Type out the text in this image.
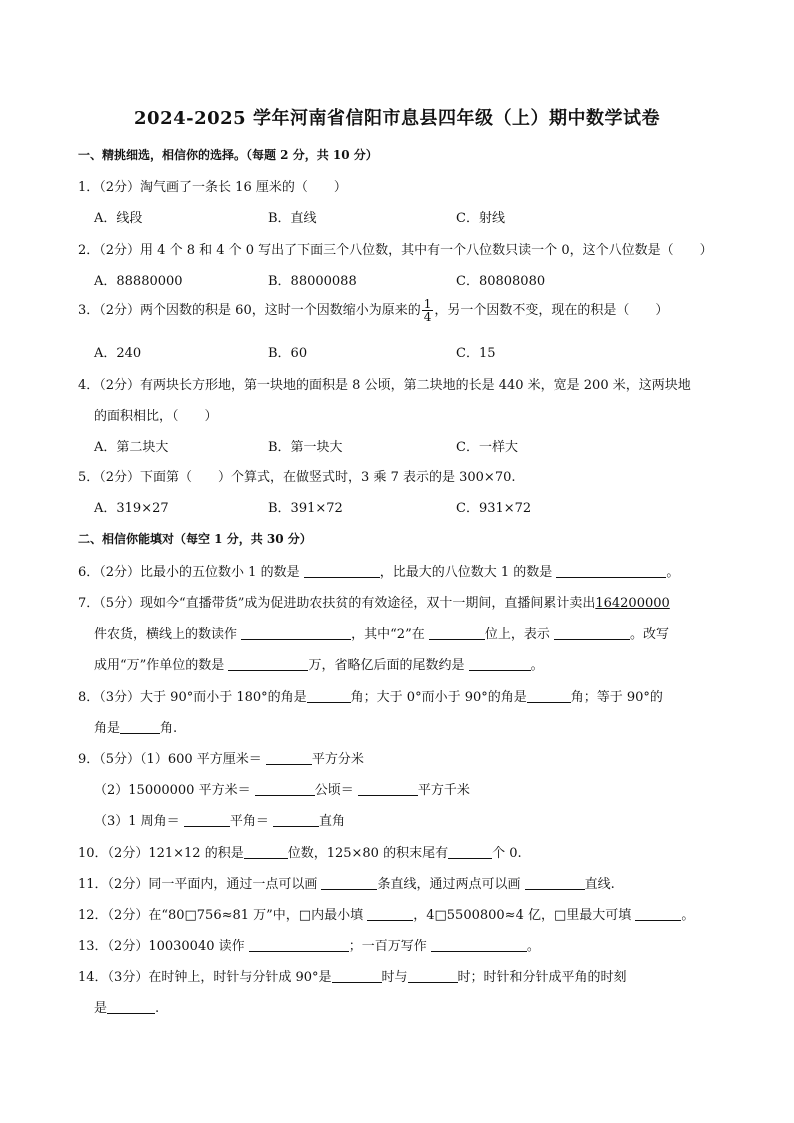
2024-2025 学年河南省信阳市息县四年级（上）期中数学试卷
一、精挑细选，相信你的选择。（每题 2 分，共 10 分）
1．（2分）淘气画了一条长 16 厘米的（　　）
A．线段	B．直线	C．射线
2．（2分）用 4 个 8 和 4 个 0 写出了下面三个八位数，其中有一个八位数只读一个 0，这个八位数是（　　）
A．88880000	B．88000088	C．80808080
3．（2分）两个因数的积是 60，这时一个因数缩小为原来的 $\frac{1}{4}$ ，另一个因数不变，现在的积是（　　）
A．240	B．60	C．15
4．（2分）有两块长方形地，第一块地的面积是 8 公顷，第二块地的长是 440 米，宽是 200 米，这两块地
的面积相比，（　　）
A．第二块大	B．第一块大	C．一样大
5．（2分）下面第（　　）个算式，在做竖式时，3 乘 7 表示的是 300×70.
A．319×27	B．391×72	C．931×72
二、相信你能填对（每空 1 分，共 30 分）
6．（2分）比最小的五位数小 1 的数是	，比最大的八位数大 1 的数是	。
7．（5分）现如今“直播带货”成为促进助农扶贫的有效途径，双十一期间，直播间累计卖出164200000
件农货，横线上的数读作	，其中“2”在	位上，表示	。改写
成用“万”作单位的数是	万，省略亿后面的尾数约是	。
8．（3分）大于 90°而小于 180°的角是	角；大于 0°而小于 90°的角是	角；等于 90°的
角是	角.
9．（5分）（1）600 平方厘米＝	平方分米
（2）15000000 平方米＝	公顷＝	平方千米
（3）1 周角＝	平角＝	直角
10．（2分）121×12 的积是	位数，125×80 的积末尾有	个 0.
11．（2分）同一平面内，通过一点可以画	条直线，通过两点可以画	直线.
12．（2分）在“80□756≈81 万”中，□内最小填	，4□5500800≈4 亿，□里最大可填	。
13．（2分）10030040 读作	；一百万写作	。
14．（3分）在时钟上，时针与分针成 90°是	时与	时；时针和分针成平角的时刻
是	.
